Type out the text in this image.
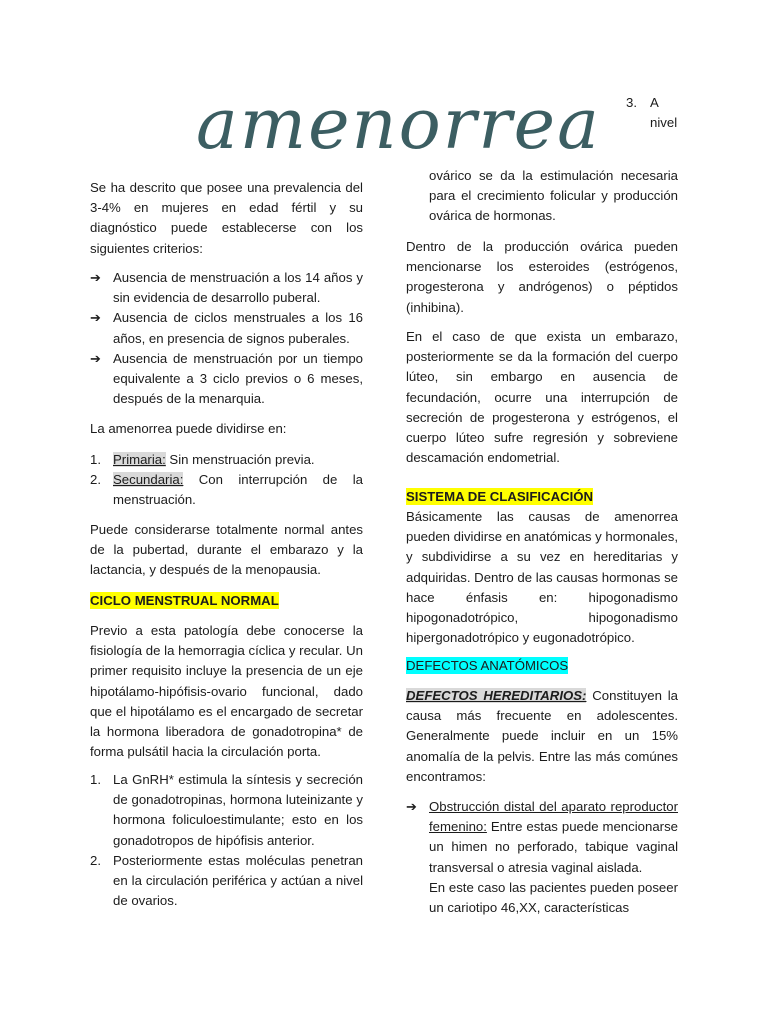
amenorrea 3. A
nivel

Se ha descrito que posee una prevalencia del 3-4% en mujeres en edad fértil y su diagnóstico puede establecerse con los siguientes criterios:

➔ Ausencia de menstruación a los 14 años y sin evidencia de desarrollo puberal.
➔ Ausencia de ciclos menstruales a los 16 años, en presencia de signos puberales.
➔ Ausencia de menstruación por un tiempo equivalente a 3 ciclo previos o 6 meses, después de la menarquia.

La amenorrea puede dividirse en:

1. Primaria: Sin menstruación previa.
2. Secundaria: Con interrupción de la menstruación.

Puede considerarse totalmente normal antes de la pubertad, durante el embarazo y la lactancia, y después de la menopausia.

CICLO MENSTRUAL NORMAL

Previo a esta patología debe conocerse la fisiología de la hemorragia cíclica y recular. Un primer requisito incluye la presencia de un eje hipotálamo-hipófisis-ovario funcional, dado que el hipotálamo es el encargado de secretar la hormona liberadora de gonadotropina* de forma pulsátil hacia la circulación porta.

1. La GnRH* estimula la síntesis y secreción de gonadotropinas, hormona luteinizante y hormona foliculoestimulante; esto en los gonadotropos de hipófisis anterior.
2. Posteriormente estas moléculas penetran en la circulación periférica y actúan a nivel de ovarios.

ovárico se da la estimulación necesaria para el crecimiento folicular y producción ovárica de hormonas.

Dentro de la producción ovárica pueden mencionarse los esteroides (estrógenos, progesterona y andrógenos) o péptidos (inhibina).

En el caso de que exista un embarazo, posteriormente se da la formación del cuerpo lúteo, sin embargo en ausencia de fecundación, ocurre una interrupción de secreción de progesterona y estrógenos, el cuerpo lúteo sufre regresión y sobreviene descamación endometrial.

SISTEMA DE CLASIFICACIÓN

Básicamente las causas de amenorrea pueden dividirse en anatómicas y hormonales, y subdividirse a su vez en hereditarias y adquiridas. Dentro de las causas hormonas se hace énfasis en: hipogonadismo hipogonadotrópico, hipogonadismo hipergonadotrópico y eugonadotrópico.

DEFECTOS ANATÓMICOS

DEFECTOS HEREDITARIOS: Constituyen la causa más frecuente en adolescentes. Generalmente puede incluir en un 15% anomalía de la pelvis. Entre las más comúnes encontramos:

➔ Obstrucción distal del aparato reproductor femenino: Entre estas puede mencionarse un himen no perforado, tabique vaginal transversal o atresia vaginal aislada.
En este caso las pacientes pueden poseer un cariotipo 46,XX, características
